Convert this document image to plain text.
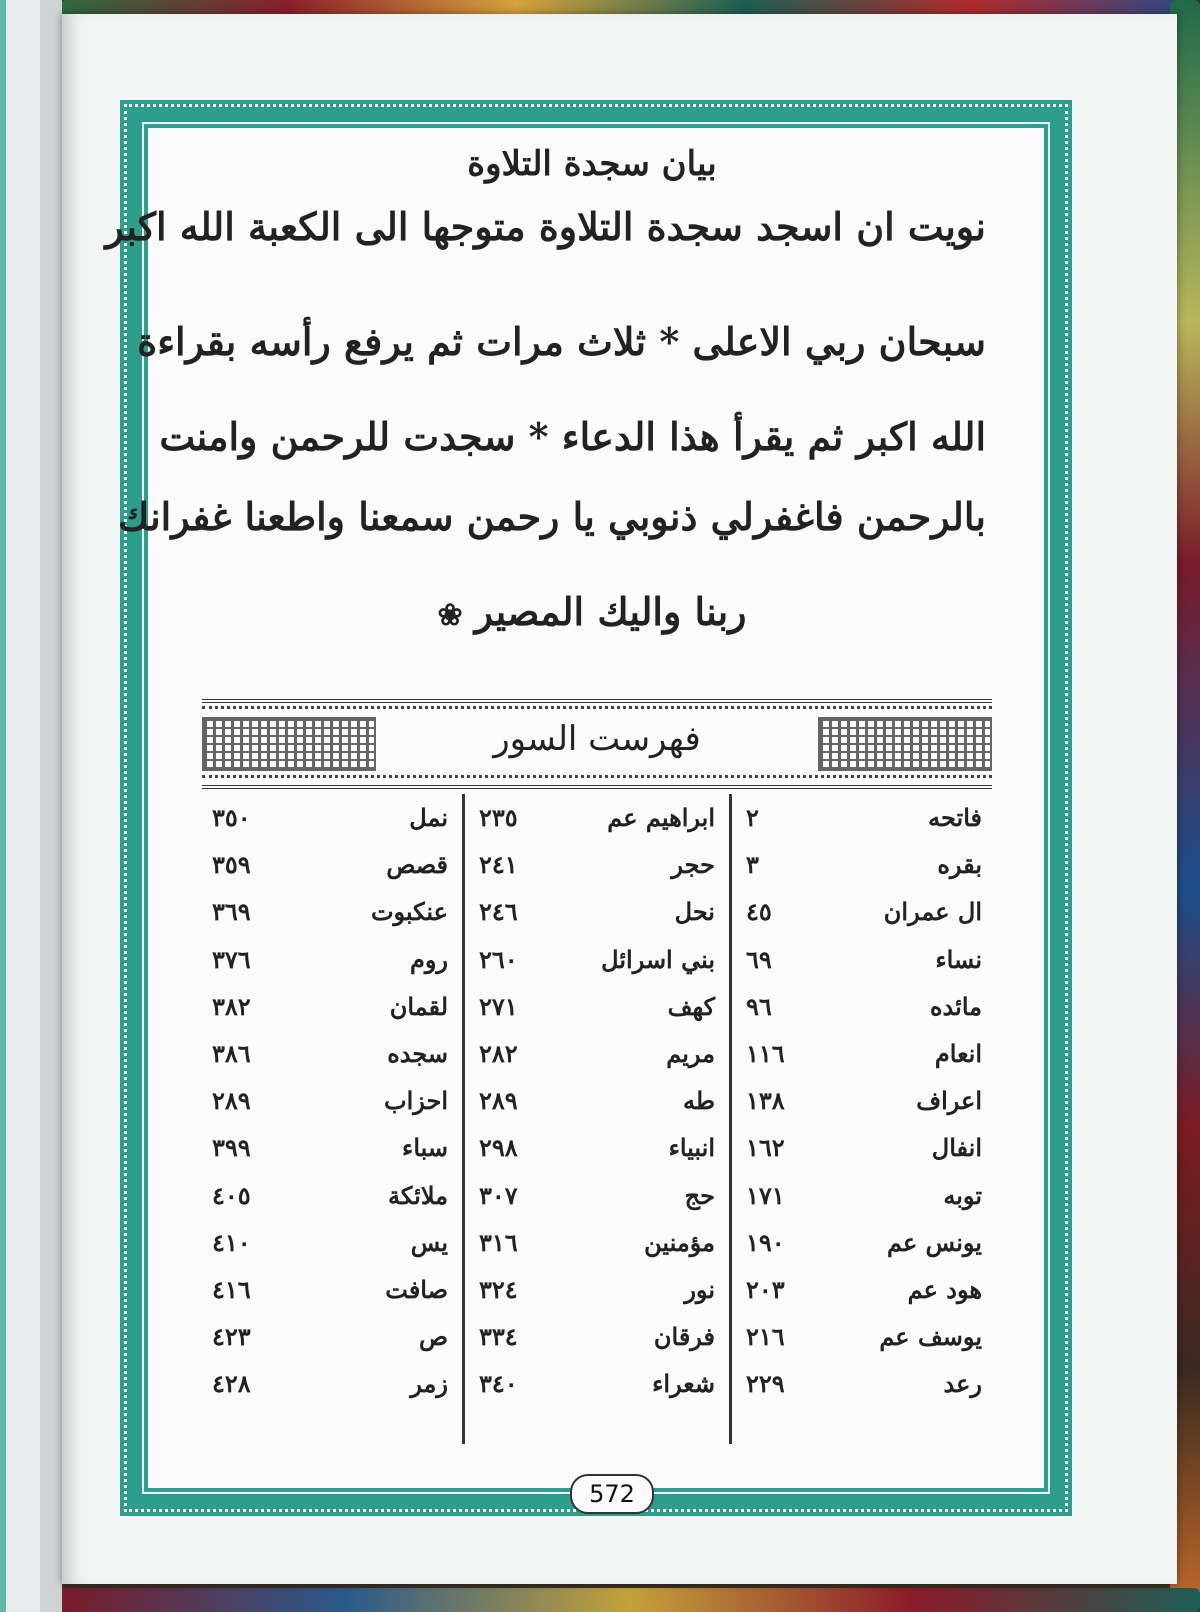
بيان سجدة التلاوة
نويت ان اسجد سجدة التلاوة متوجها الى الكعبة الله اكبر
سبحان ربي الاعلى * ثلاث مرات ثم يرفع رأسه بقراءة
الله اكبر ثم يقرأ هذا الدعاء * سجدت للرحمن وامنت
بالرحمن فاغفرلي ذنوبي يا رحمن سمعنا واطعنا غفرانك
ربنا واليك المصير❀
فهرست السور
فاتحه
٢
بقره
٣
ال عمران
٤٥
نساء
٦٩
مائده
٩٦
انعام
١١٦
اعراف
١٣٨
انفال
١٦٢
توبه
١٧١
يونس عم
١٩٠
هود عم
٢٠٣
يوسف عم
٢١٦
رعد
٢٢٩
ابراهيم عم
٢٣٥
حجر
٢٤١
نحل
٢٤٦
بني اسرائل
٢٦٠
كهف
٢٧١
مريم
٢٨٢
طه
٢٨٩
انبياء
٢٩٨
حج
٣٠٧
مؤمنين
٣١٦
نور
٣٢٤
فرقان
٣٣٤
شعراء
٣٤٠
نمل
٣٥٠
قصص
٣٥٩
عنكبوت
٣٦٩
روم
٣٧٦
لقمان
٣٨٢
سجده
٣٨٦
احزاب
٢٨٩
سباء
٣٩٩
ملائكة
٤٠٥
يس
٤١٠
صافت
٤١٦
ص
٤٢٣
زمر
٤٢٨
572
